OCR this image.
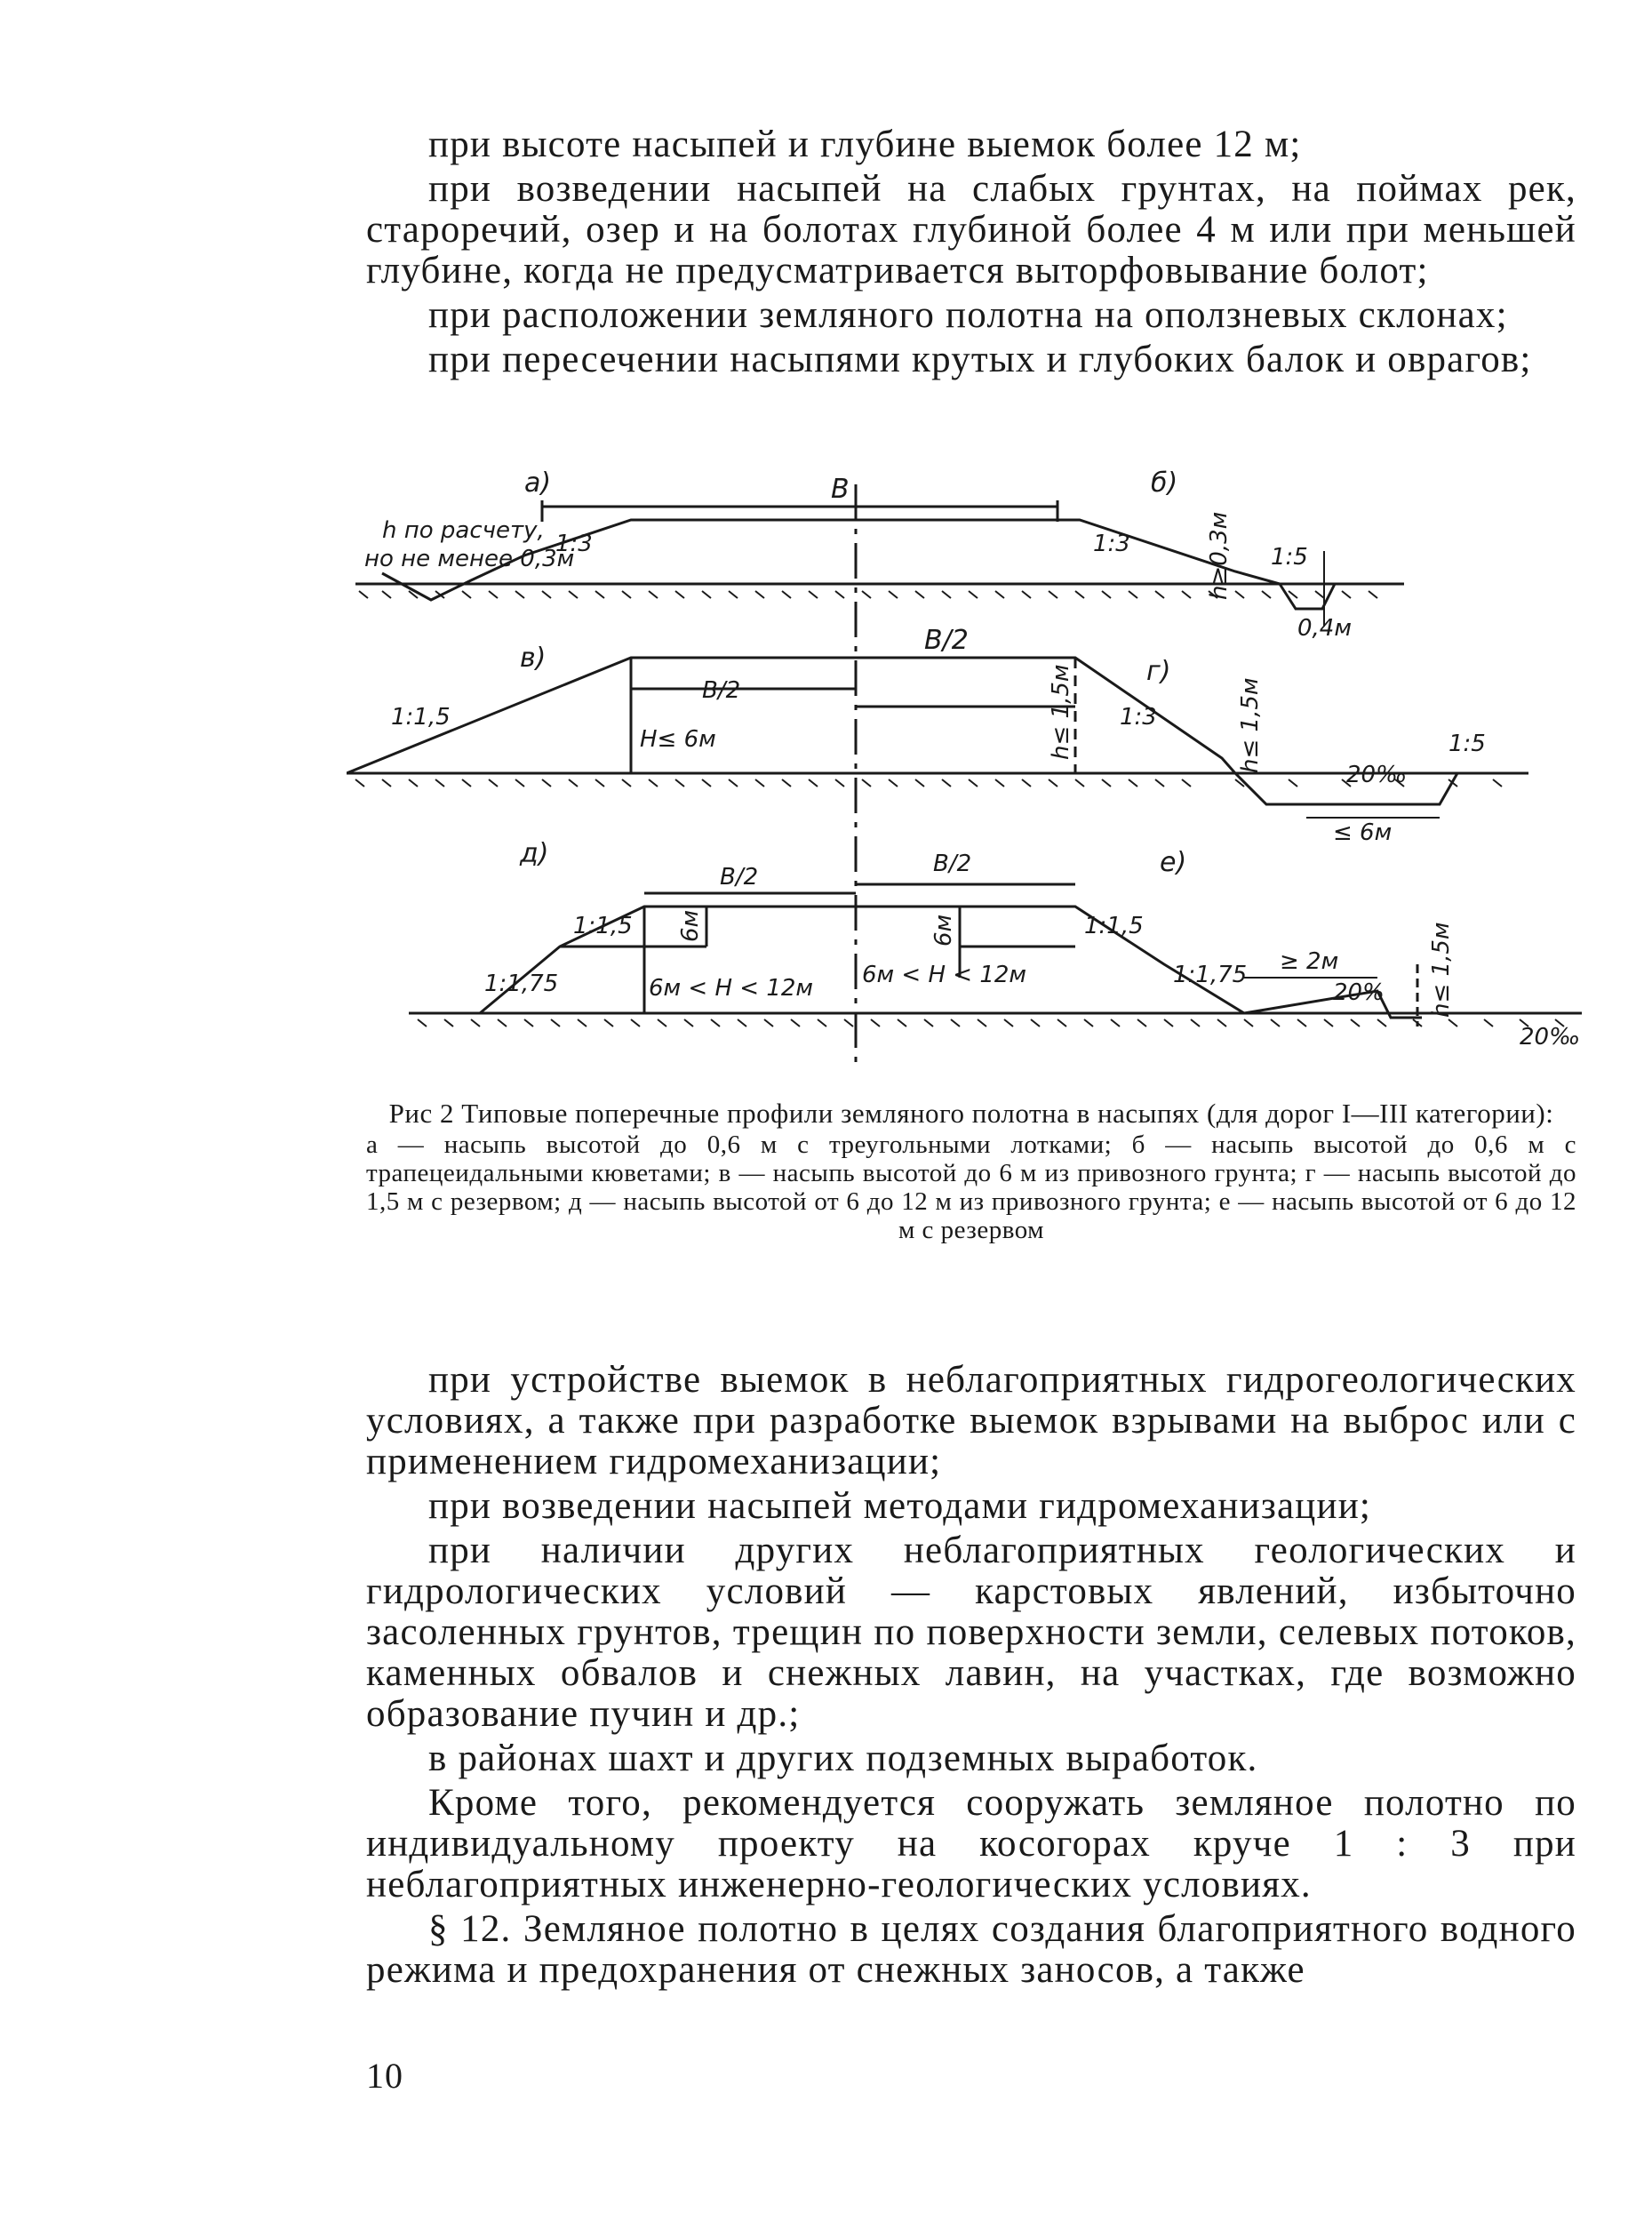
при высоте насыпей и глубине выемок более 12 м;

при возведении насыпей на слабых грунтах, на поймах рек, староречий, озер и на болотах глубиной более 4 м или при меньшей глубине, когда не предусматривается выторфовывание болот;

при расположении земляного полотна на оползневых склонах;

при пересечении насыпями крутых и глубоких балок и оврагов;

а)	б)
h по расчету,
но не менее 0,3м
В
1:3	1:3	h≥0,3м 1:5
0,4м
в)	г)
В/2
В/2
1:1,5
H≤ 6м	h≤ 1,5м 1:3	h≤ 1,5м
20‰
1:5
≤ 6м
д)	е)
В/2	В/2
1:1,5
1:1,75
6м
6м < H < 12м
6м
6м < H < 12м
1:1,5
1:1,75 ≥ 2м
20% h≤ 1,5м
20‰

Рис 2 Типовые поперечные профили земляного полотна в насыпях (для дорог I—III категории):

а — насыпь высотой до 0,6 м с треугольными лотками; б — насыпь высотой до 0,6 м с трапецеидальными кюветами; в — насыпь высотой до 6 м из привозного грунта; г — насыпь высотой до 1,5 м с резервом; д — насыпь высотой от 6 до 12 м из привозного грунта; е — насыпь высотой от 6 до 12 м с резервом

при устройстве выемок в неблагоприятных гидрогеологических условиях, а также при разработке выемок взрывами на выброс или с применением гидромеханизации;

при возведении насыпей методами гидромеханизации;

при наличии других неблагоприятных геологических и гидрологических условий — карстовых явлений, избыточно засоленных грунтов, трещин по поверхности земли, селевых потоков, каменных обвалов и снежных лавин, на участках, где возможно образование пучин и др.;

в районах шахт и других подземных выработок.

Кроме того, рекомендуется сооружать земляное полотно по индивидуальному проекту на косогорах круче 1 : 3 при неблагоприятных инженерно-геологических условиях.

§ 12. Земляное полотно в целях создания благоприятного водного режима и предохранения от снежных заносов, а также

10
